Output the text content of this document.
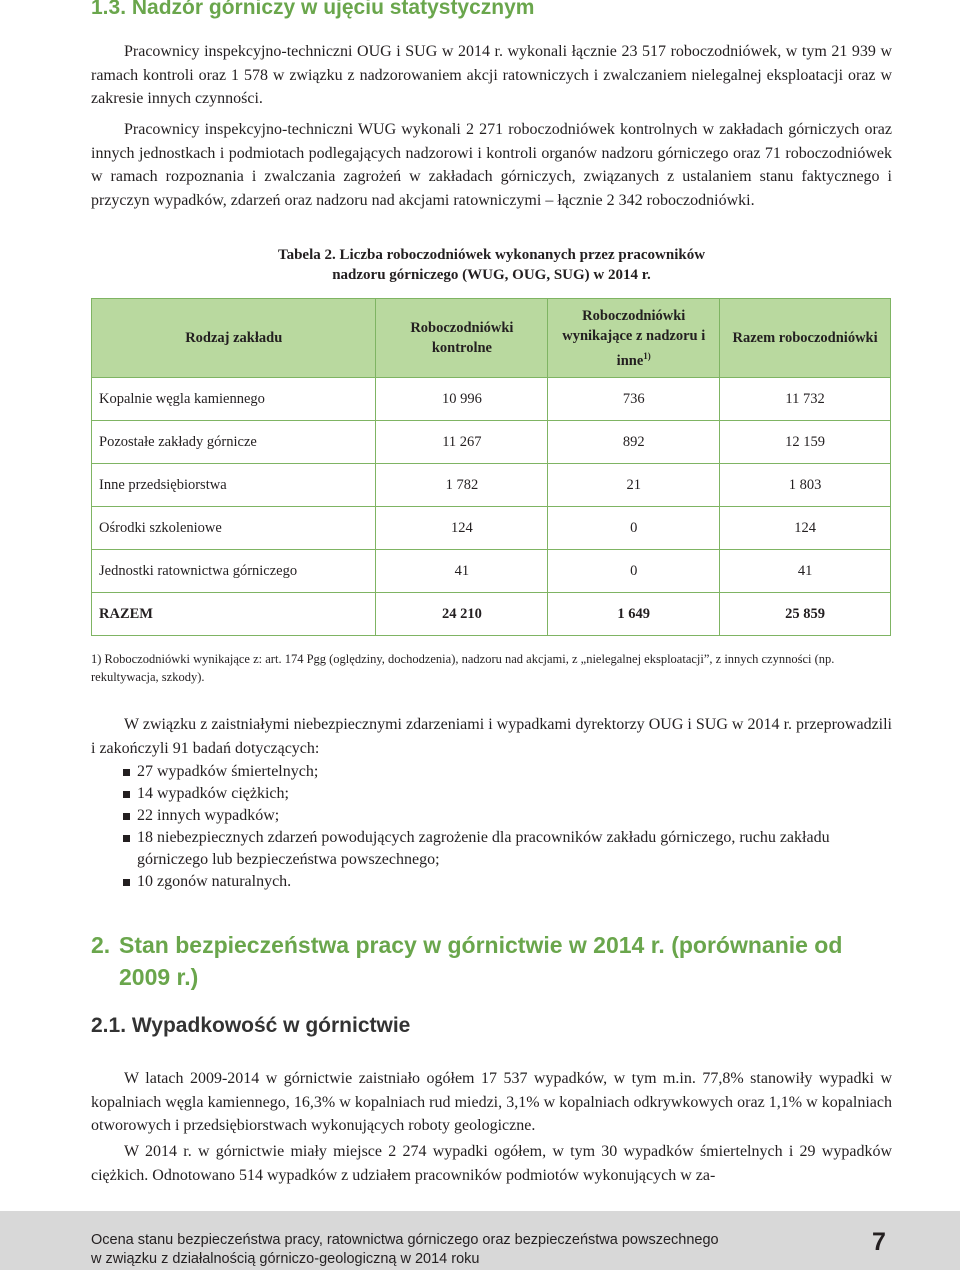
1.3. Nadzór górniczy w ujęciu statystycznym

Pracownicy inspekcyjno-techniczni OUG i SUG w 2014 r. wykonali łącznie 23 517 roboczodniówek, w tym 21 939 w ramach kontroli oraz 1 578 w związku z nadzorowaniem akcji ratowniczych i zwalczaniem nielegalnej eksploatacji oraz w zakresie innych czynności.

Pracownicy inspekcyjno-techniczni WUG wykonali 2 271 roboczodniówek kontrolnych w zakładach górniczych oraz innych jednostkach i podmiotach podlegających nadzorowi i kontroli organów nadzoru górniczego oraz 71 roboczodniówek w ramach rozpoznania i zwalczania zagrożeń w zakładach górniczych, związanych z ustalaniem stanu faktycznego i przyczyn wypadków, zdarzeń oraz nadzoru nad akcjami ratowniczymi – łącznie 2 342 roboczodniówki.

Tabela 2. Liczba roboczodniówek wykonanych przez pracowników
nadzoru górniczego (WUG, OUG, SUG) w 2014 r.
Rodzaj zakładu	Roboczodniówki kontrolne	Roboczodniówki wynikające z nadzoru i inne$^{1)}$	Razem roboczodniówki
Kopalnie węgla kamiennego	10 996	736	11 732
Pozostałe zakłady górnicze	11 267	892	12 159
Inne przedsiębiorstwa	1 782	21	1 803
Ośrodki szkoleniowe	124	0	124
Jednostki ratownictwa górniczego	41	0	41
RAZEM	24 210	1 649	25 859

1) Roboczodniówki wynikające z: art. 174 Pgg (oględziny, dochodzenia), nadzoru nad akcjami, z „nielegalnej eksploatacji”, z innych czynności (np. rekultywacja, szkody).

W związku z zaistniałymi niebezpiecznymi zdarzeniami i wypadkami dyrektorzy OUG i SUG w 2014 r. przeprowadzili i zakończyli 91 badań dotyczących:

27 wypadków śmiertelnych;
14 wypadków ciężkich;
22 innych wypadków;
18 niebezpiecznych zdarzeń powodujących zagrożenie dla pracowników zakładu górniczego, ruchu zakładu górniczego lub bezpieczeństwa powszechnego;
10 zgonów naturalnych.
2. Stan bezpieczeństwa pracy w górnictwie w 2014 r. (porównanie od
2009 r.)
2.1. Wypadkowość w górnictwie

W latach 2009-2014 w górnictwie zaistniało ogółem 17 537 wypadków, w tym m.in. 77,8% stanowiły wypadki w kopalniach węgla kamiennego, 16,3% w kopalniach rud miedzi, 3,1% w kopalniach odkrywkowych oraz 1,1% w kopalniach otworowych i przedsiębiorstwach wykonujących roboty geologiczne.

W 2014 r. w górnictwie miały miejsce 2 274 wypadki ogółem, w tym 30 wypadków śmiertelnych i 29 wypadków ciężkich. Odnotowano 514 wypadków z udziałem pracowników podmiotów wykonujących w za-

Ocena stanu bezpieczeństwa pracy, ratownictwa górniczego oraz bezpieczeństwa powszechnego
w związku z działalnością górniczo-geologiczną w 2014 roku
7
